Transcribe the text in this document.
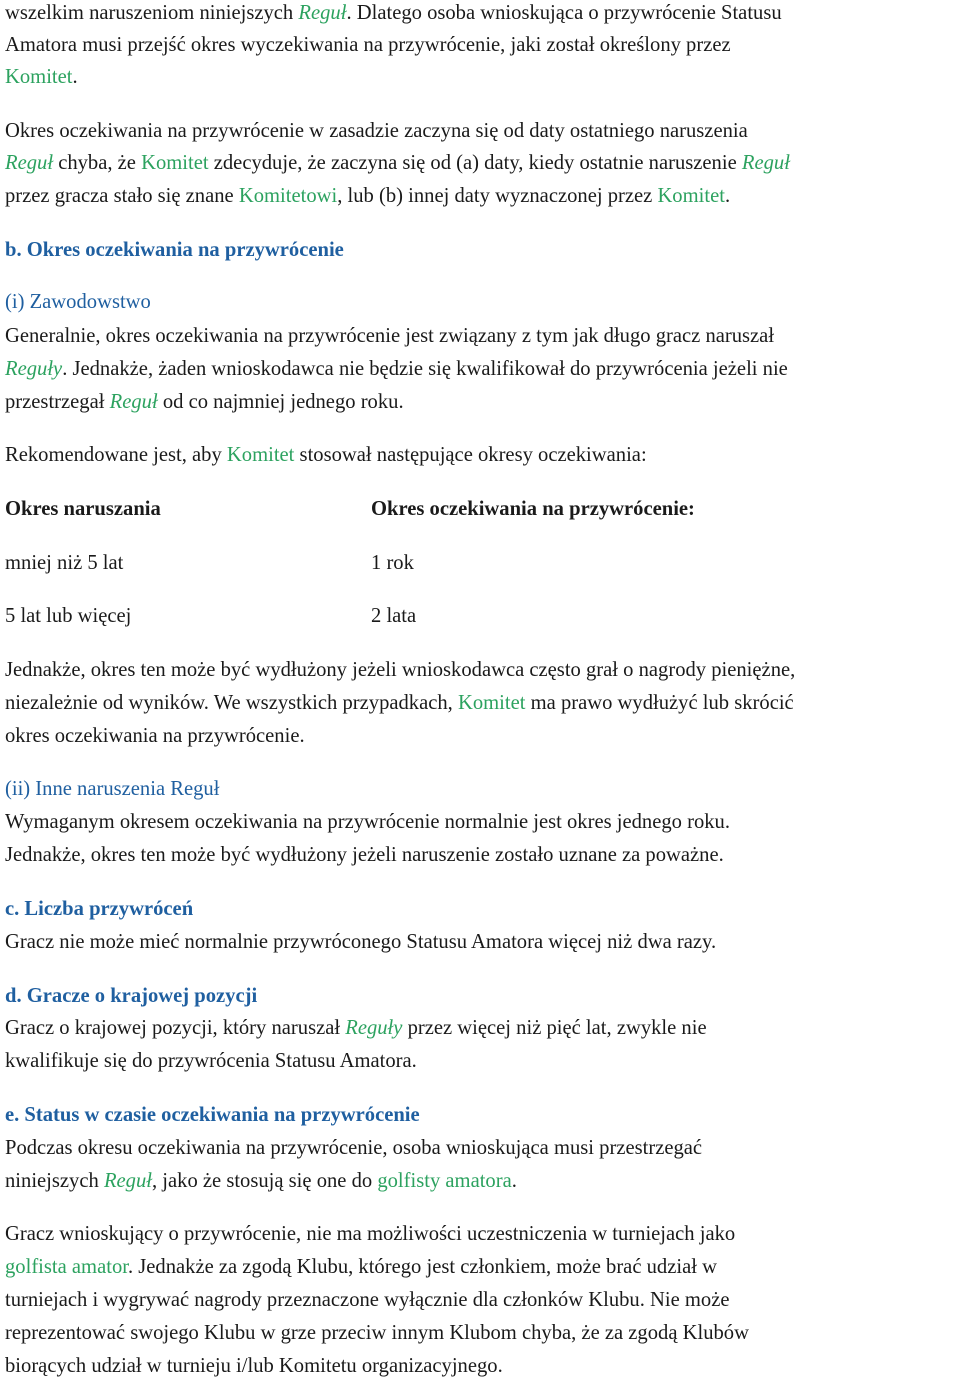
wszelkim naruszeniom niniejszych Reguł. Dlatego osoba wnioskująca o przywrócenie Statusu
Amatora musi przejść okres wyczekiwania na przywrócenie, jaki został określony przez
Komitet.
Okres oczekiwania na przywrócenie w zasadzie zaczyna się od daty ostatniego naruszenia
Reguł chyba, że Komitet zdecyduje, że zaczyna się od (a) daty, kiedy ostatnie naruszenie Reguł
przez gracza stało się znane Komitetowi, lub (b) innej daty wyznaczonej przez Komitet.
b. Okres oczekiwania na przywrócenie
(i) Zawodowstwo
Generalnie, okres oczekiwania na przywrócenie jest związany z tym jak długo gracz naruszał
Reguły. Jednakże, żaden wnioskodawca nie będzie się kwalifikował do przywrócenia jeżeli nie
przestrzegał Reguł od co najmniej jednego roku.
Rekomendowane jest, aby Komitet stosował następujące okresy oczekiwania:
Okres naruszania	Okres oczekiwania na przywrócenie:
mniej niż 5 lat	1 rok
5 lat lub więcej	2 lata
Jednakże, okres ten może być wydłużony jeżeli wnioskodawca często grał o nagrody pieniężne,
niezależnie od wyników. We wszystkich przypadkach, Komitet ma prawo wydłużyć lub skrócić
okres oczekiwania na przywrócenie.
(ii) Inne naruszenia Reguł
Wymaganym okresem oczekiwania na przywrócenie normalnie jest okres jednego roku.
Jednakże, okres ten może być wydłużony jeżeli naruszenie zostało uznane za poważne.
c. Liczba przywróceń
Gracz nie może mieć normalnie przywróconego Statusu Amatora więcej niż dwa razy.
d. Gracze o krajowej pozycji
Gracz o krajowej pozycji, który naruszał Reguły przez więcej niż pięć lat, zwykle nie
kwalifikuje się do przywrócenia Statusu Amatora.
e. Status w czasie oczekiwania na przywrócenie
Podczas okresu oczekiwania na przywrócenie, osoba wnioskująca musi przestrzegać
niniejszych Reguł, jako że stosują się one do golfisty amatora.
Gracz wnioskujący o przywrócenie, nie ma możliwości uczestniczenia w turniejach jako
golfista amator. Jednakże za zgodą Klubu, którego jest członkiem, może brać udział w
turniejach i wygrywać nagrody przeznaczone wyłącznie dla członków Klubu. Nie może
reprezentować swojego Klubu w grze przeciw innym Klubom chyba, że za zgodą Klubów
biorących udział w turnieju i/lub Komitetu organizacyjnego.
